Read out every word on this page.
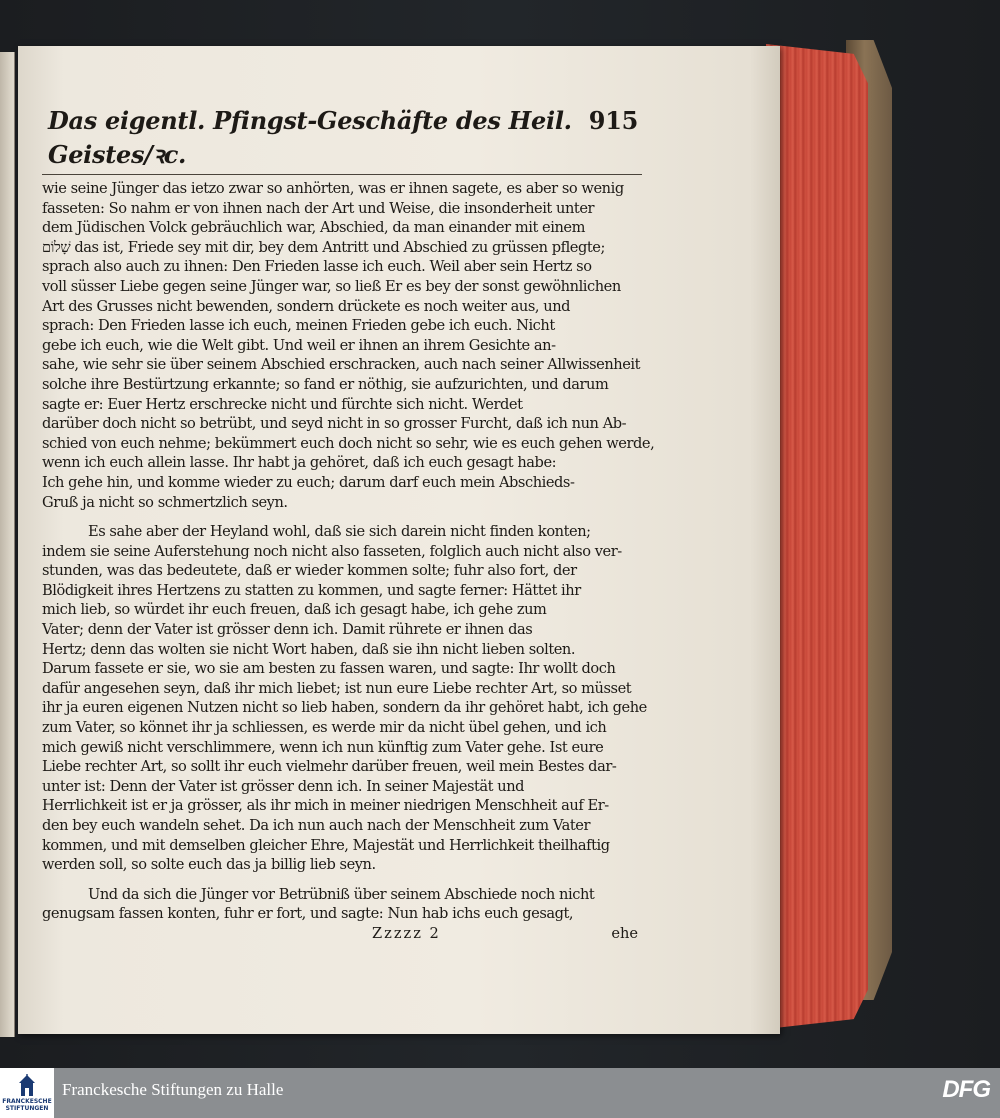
Das eigentl. Pfingst-Geschäfte des Heil. Geistes/ꝛc.
915
wie seine Jünger das ietzo zwar so anhörten, was er ihnen sagete, es aber so wenig
fasseten: So nahm er von ihnen nach der Art und Weise, die insonderheit unter
dem Jüdischen Volck gebräuchlich war, Abschied, da man einander mit einem
שָׁלוֹם das ist, Friede sey mit dir, bey dem Antritt und Abschied zu grüssen pflegte;
sprach also auch zu ihnen: Den Frieden lasse ich euch. Weil aber sein Hertz so
voll süsser Liebe gegen seine Jünger war, so ließ Er es bey der sonst gewöhnlichen
Art des Grusses nicht bewenden, sondern drückete es noch weiter aus, und
sprach: Den Frieden lasse ich euch, meinen Frieden gebe ich euch. Nicht
gebe ich euch, wie die Welt gibt. Und weil er ihnen an ihrem Gesichte an-
sahe, wie sehr sie über seinem Abschied erschracken, auch nach seiner Allwissenheit
solche ihre Bestürtzung erkannte; so fand er nöthig, sie aufzurichten, und darum
sagte er: Euer Hertz erschrecke nicht und fürchte sich nicht. Werdet
darüber doch nicht so betrübt, und seyd nicht in so grosser Furcht, daß ich nun Ab-
schied von euch nehme; bekümmert euch doch nicht so sehr, wie es euch gehen werde,
wenn ich euch allein lasse. Ihr habt ja gehöret, daß ich euch gesagt habe:
Ich gehe hin, und komme wieder zu euch; darum darf euch mein Abschieds-
Gruß ja nicht so schmertzlich seyn.
Es sahe aber der Heyland wohl, daß sie sich darein nicht finden konten;
indem sie seine Auferstehung noch nicht also fasseten, folglich auch nicht also ver-
stunden, was das bedeutete, daß er wieder kommen solte; fuhr also fort, der
Blödigkeit ihres Hertzens zu statten zu kommen, und sagte ferner: Hättet ihr
mich lieb, so würdet ihr euch freuen, daß ich gesagt habe, ich gehe zum
Vater; denn der Vater ist grösser denn ich. Damit rührete er ihnen das
Hertz; denn das wolten sie nicht Wort haben, daß sie ihn nicht lieben solten.
Darum fassete er sie, wo sie am besten zu fassen waren, und sagte: Ihr wollt doch
dafür angesehen seyn, daß ihr mich liebet; ist nun eure Liebe rechter Art, so müsset
ihr ja euren eigenen Nutzen nicht so lieb haben, sondern da ihr gehöret habt, ich gehe
zum Vater, so könnet ihr ja schliessen, es werde mir da nicht übel gehen, und ich
mich gewiß nicht verschlimmere, wenn ich nun künftig zum Vater gehe. Ist eure
Liebe rechter Art, so sollt ihr euch vielmehr darüber freuen, weil mein Bestes dar-
unter ist: Denn der Vater ist grösser denn ich. In seiner Majestät und
Herrlichkeit ist er ja grösser, als ihr mich in meiner niedrigen Menschheit auf Er-
den bey euch wandeln sehet. Da ich nun auch nach der Menschheit zum Vater
kommen, und mit demselben gleicher Ehre, Majestät und Herrlichkeit theilhaftig
werden soll, so solte euch das ja billig lieb seyn.
Und da sich die Jünger vor Betrübniß über seinem Abschiede noch nicht
genugsam fassen konten, fuhr er fort, und sagte: Nun hab ichs euch gesagt,
Zzzzz 2	ehe
FRANCKESCHE STIFTUNGEN
Franckesche Stiftungen zu Halle	DFG
